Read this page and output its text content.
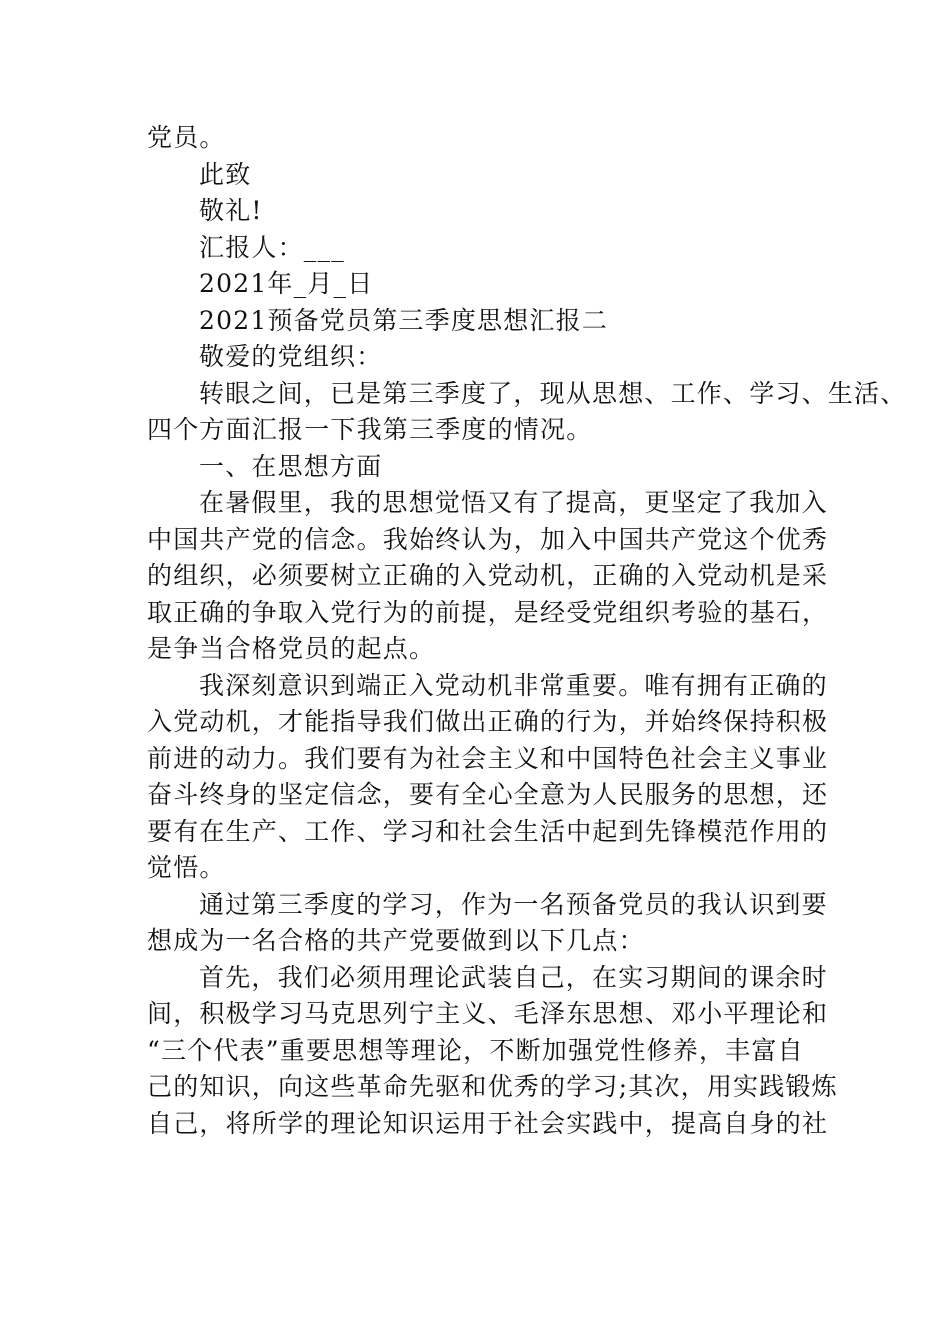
党员。
此致
敬礼!
汇报人：___
2021年_月_日
2021预备党员第三季度思想汇报二
敬爱的党组织：
转眼之间，已是第三季度了，现从思想、工作、学习、生活、
四个方面汇报一下我第三季度的情况。
一、在思想方面
在暑假里，我的思想觉悟又有了提高，更坚定了我加入
中国共产党的信念。我始终认为，加入中国共产党这个优秀
的组织，必须要树立正确的入党动机，正确的入党动机是采
取正确的争取入党行为的前提，是经受党组织考验的基石，
是争当合格党员的起点。
我深刻意识到端正入党动机非常重要。唯有拥有正确的
入党动机，才能指导我们做出正确的行为，并始终保持积极
前进的动力。我们要有为社会主义和中国特色社会主义事业
奋斗终身的坚定信念，要有全心全意为人民服务的思想，还
要有在生产、工作、学习和社会生活中起到先锋模范作用的
觉悟。
通过第三季度的学习，作为一名预备党员的我认识到要
想成为一名合格的共产党要做到以下几点：
首先，我们必须用理论武装自己，在实习期间的课余时
间，积极学习马克思列宁主义、毛泽东思想、邓小平理论和
“三个代表”重要思想等理论，不断加强党性修养，丰富自
己的知识，向这些革命先驱和优秀的学习;其次，用实践锻炼
自己，将所学的理论知识运用于社会实践中，提高自身的社
